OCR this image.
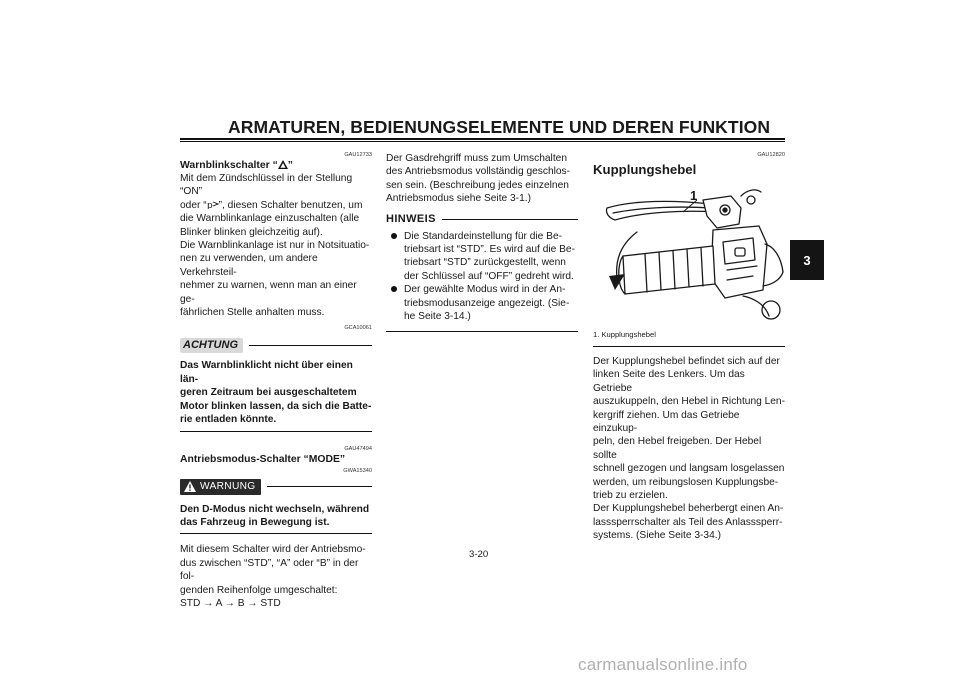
ARMATUREN, BEDIENUNGSELEMENTE UND DEREN FUNKTION
3
GAU12733
Warnblinkschalter “ ”
Mit dem Zündschlüssel in der Stellung “ON”
oder “ p ”, diesen Schalter benutzen, um
die Warnblinkanlage einzuschalten (alle
Blinker blinken gleichzeitig auf).
Die Warnblinkanlage ist nur in Notsituatio-
nen zu verwenden, um andere Verkehrsteil-
nehmer zu warnen, wenn man an einer ge-
fährlichen Stelle anhalten muss.
GCA10061
ACHTUNG
Das Warnblinklicht nicht über einen län-
geren Zeitraum bei ausgeschaltetem
Motor blinken lassen, da sich die Batte-
rie entladen könnte.
GAU47494
Antriebsmodus-Schalter “MODE”
GWA15340
WARNUNG
Den D-Modus nicht wechseln, während
das Fahrzeug in Bewegung ist.
Mit diesem Schalter wird der Antriebsmo-
dus zwischen “STD”, “A” oder “B” in der fol-
genden Reihenfolge umgeschaltet:
STD → A → B → STD
Der Gasdrehgriff muss zum Umschalten
des Antriebsmodus vollständig geschlos-
sen sein. (Beschreibung jedes einzelnen
Antriebsmodus siehe Seite 3-1.)
HINWEIS
Die Standardeinstellung für die Be-
triebsart ist “STD”. Es wird auf die Be-
triebsart “STD” zurückgestellt, wenn
der Schlüssel auf “OFF” gedreht wird.
Der gewählte Modus wird in der An-
triebsmodusanzeige angezeigt. (Sie-
he Seite 3-14.)
GAU12820
Kupplungshebel
1
1. Kupplungshebel
Der Kupplungshebel befindet sich auf der
linken Seite des Lenkers. Um das Getriebe
auszukuppeln, den Hebel in Richtung Len-
kergriff ziehen. Um das Getriebe einzukup-
peln, den Hebel freigeben. Der Hebel sollte
schnell gezogen und langsam losgelassen
werden, um reibungslosen Kupplungsbe-
trieb zu erzielen.
Der Kupplungshebel beherbergt einen An-
lasssperrschalter als Teil des Anlasssperr-
systems. (Siehe Seite 3-34.)
3-20
carmanualsonline.info
